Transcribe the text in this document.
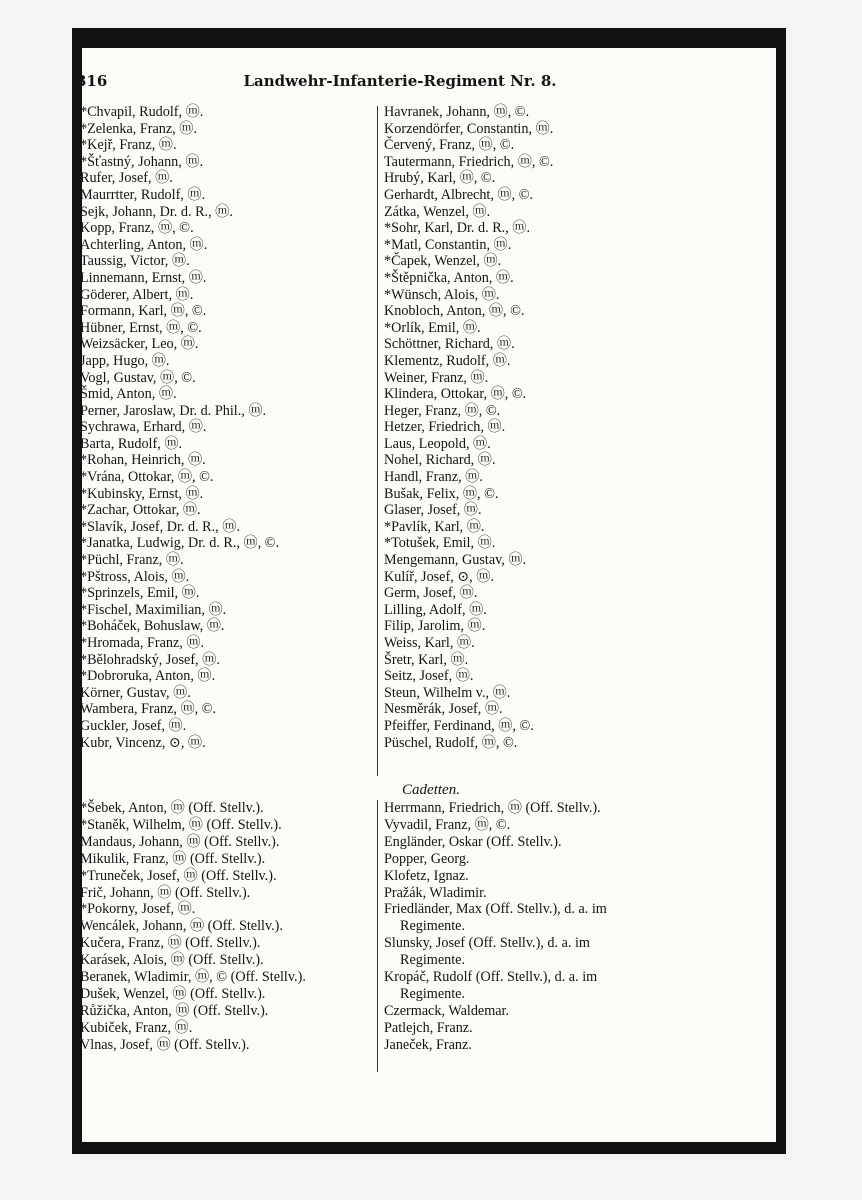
316	Landwehr-Infanterie-Regiment Nr. 8.

*Chvapil, Rudolf, ⓜ.
*Zelenka, Franz, ⓜ.
*Kejř, Franz, ⓜ.
*Šťastný, Johann, ⓜ.
Rufer, Josef, ⓜ.
Maurrtter, Rudolf, ⓜ.
Sejk, Johann, Dr. d. R., ⓜ.
Kopp, Franz, ⓜ, ©.
Achterling, Anton, ⓜ.
Taussig, Victor, ⓜ.
Linnemann, Ernst, ⓜ.
Göderer, Albert, ⓜ.
Formann, Karl, ⓜ, ©.
Hübner, Ernst, ⓜ, ©.
Weizsäcker, Leo, ⓜ.
Japp, Hugo, ⓜ.
Vogl, Gustav, ⓜ, ©.
Šmid, Anton, ⓜ.
Perner, Jaroslaw, Dr. d. Phil., ⓜ.
Sychrawa, Erhard, ⓜ.
Barta, Rudolf, ⓜ.
*Rohan, Heinrich, ⓜ.
*Vrána, Ottokar, ⓜ, ©.
*Kubinsky, Ernst, ⓜ.
*Zachar, Ottokar, ⓜ.
*Slavík, Josef, Dr. d. R., ⓜ.
*Janatka, Ludwig, Dr. d. R., ⓜ, ©.
*Püchl, Franz, ⓜ.
*Pštross, Alois, ⓜ.
*Sprinzels, Emil, ⓜ.
*Fischel, Maximilian, ⓜ.
*Boháček, Bohuslaw, ⓜ.
*Hromada, Franz, ⓜ.
*Bělohradský, Josef, ⓜ.
*Dobroruka, Anton, ⓜ.
Körner, Gustav, ⓜ.
Wambera, Franz, ⓜ, ©.
Guckler, Josef, ⓜ.
Kubr, Vincenz, ⊙, ⓜ.
Havranek, Johann, ⓜ, ©.
Korzendörfer, Constantin, ⓜ.
Červený, Franz, ⓜ, ©.
Tautermann, Friedrich, ⓜ, ©.
Hrubý, Karl, ⓜ, ©.
Gerhardt, Albrecht, ⓜ, ©.
Zátka, Wenzel, ⓜ.
*Sohr, Karl, Dr. d. R., ⓜ.
*Matl, Constantin, ⓜ.
*Čapek, Wenzel, ⓜ.
*Štěpnička, Anton, ⓜ.
*Wünsch, Alois, ⓜ.
Knobloch, Anton, ⓜ, ©.
*Orlík, Emil, ⓜ.
Schöttner, Richard, ⓜ.
Klementz, Rudolf, ⓜ.
Weiner, Franz, ⓜ.
Klindera, Ottokar, ⓜ, ©.
Heger, Franz, ⓜ, ©.
Hetzer, Friedrich, ⓜ.
Laus, Leopold, ⓜ.
Nohel, Richard, ⓜ.
Handl, Franz, ⓜ.
Bušak, Felix, ⓜ, ©.
Glaser, Josef, ⓜ.
*Pavlík, Karl, ⓜ.
*Totušek, Emil, ⓜ.
Mengemann, Gustav, ⓜ.
Kulíř, Josef, ⊙, ⓜ.
Germ, Josef, ⓜ.
Lilling, Adolf, ⓜ.
Filip, Jarolim, ⓜ.
Weiss, Karl, ⓜ.
Šretr, Karl, ⓜ.
Seitz, Josef, ⓜ.
Steun, Wilhelm v., ⓜ.
Nesměrák, Josef, ⓜ.
Pfeiffer, Ferdinand, ⓜ, ©.
Püschel, Rudolf, ⓜ, ©.
Cadetten.
*Šebek, Anton, ⓜ (Off. Stellv.).
*Staněk, Wilhelm, ⓜ (Off. Stellv.).
Mandaus, Johann, ⓜ (Off. Stellv.).
Mikulik, Franz, ⓜ (Off. Stellv.).
*Truneček, Josef, ⓜ (Off. Stellv.).
Frič, Johann, ⓜ (Off. Stellv.).
*Pokorny, Josef, ⓜ.
Wencálek, Johann, ⓜ (Off. Stellv.).
Kučera, Franz, ⓜ (Off. Stellv.).
Karásek, Alois, ⓜ (Off. Stellv.).
Beranek, Wladimir, ⓜ, © (Off. Stellv.).
Dušek, Wenzel, ⓜ (Off. Stellv.).
Růžička, Anton, ⓜ (Off. Stellv.).
Kubiček, Franz, ⓜ.
Vlnas, Josef, ⓜ (Off. Stellv.).
Herrmann, Friedrich, ⓜ (Off. Stellv.).
Vyvadil, Franz, ⓜ, ©.
Engländer, Oskar (Off. Stellv.).
Popper, Georg.
Klofetz, Ignaz.
Pražák, Wladimir.
Friedländer, Max (Off. Stellv.), d. a. im
Regimente.
Slunsky, Josef (Off. Stellv.), d. a. im
Regimente.
Kropáč, Rudolf (Off. Stellv.), d. a. im
Regimente.
Czermack, Waldemar.
Patlejch, Franz.
Janeček, Franz.
